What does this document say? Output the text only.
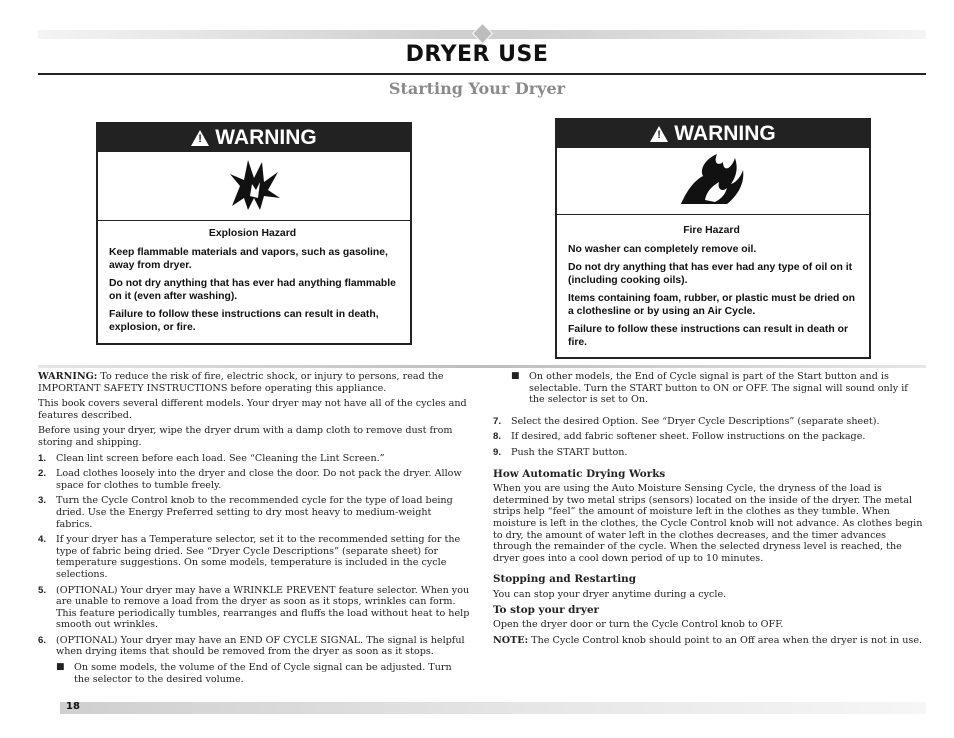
DRYER USE
Starting Your Dryer
! WARNING
Explosion Hazard

Keep flammable materials and vapors, such as gasoline, away from dryer.

Do not dry anything that has ever had anything flammable on it (even after washing).

Failure to follow these instructions can result in death, explosion, or fire.

! WARNING
Fire Hazard

No washer can completely remove oil.

Do not dry anything that has ever had any type of oil on it (including cooking oils).

Items containing foam, rubber, or plastic must be dried on a clothesline or by using an Air Cycle.

Failure to follow these instructions can result in death or fire.

WARNING: To reduce the risk of fire, electric shock, or injury to persons, read the IMPORTANT SAFETY INSTRUCTIONS before operating this appliance.

This book covers several different models. Your dryer may not have all of the cycles and features described.

Before using your dryer, wipe the dryer drum with a damp cloth to remove dust from storing and shipping.

1.	Clean lint screen before each load. See “Cleaning the Lint Screen.”
2.	Load clothes loosely into the dryer and close the door. Do not pack the dryer. Allow space for clothes to tumble freely.
3.	Turn the Cycle Control knob to the recommended cycle for the type of load being dried. Use the Energy Preferred setting to dry most heavy to medium-weight fabrics.
4.	If your dryer has a Temperature selector, set it to the recommended setting for the type of fabric being dried. See “Dryer Cycle Descriptions” (separate sheet) for temperature suggestions. On some models, temperature is included in the cycle selections.
5.	(OPTIONAL) Your dryer may have a WRINKLE PREVENT feature selector. When you are unable to remove a load from the dryer as soon as it stops, wrinkles can form. This feature periodically tumbles, rearranges and fluffs the load without heat to help smooth out wrinkles.
6.	(OPTIONAL) Your dryer may have an END OF CYCLE SIGNAL. The signal is helpful when drying items that should be removed from the dryer as soon as it stops.
■ On some models, the volume of the End of Cycle signal can be adjusted. Turn the selector to the desired volume.
■ On other models, the End of Cycle signal is part of the Start button and is selectable. Turn the START button to ON or OFF. The signal will sound only if the selector is set to On.
7.	Select the desired Option. See “Dryer Cycle Descriptions” (separate sheet).
8.	If desired, add fabric softener sheet. Follow instructions on the package.
9.	Push the START button.
How Automatic Drying Works

When you are using the Auto Moisture Sensing Cycle, the dryness of the load is determined by two metal strips (sensors) located on the inside of the dryer. The metal strips help “feel” the amount of moisture left in the clothes as they tumble. When moisture is left in the clothes, the Cycle Control knob will not advance. As clothes begin to dry, the amount of water left in the clothes decreases, and the timer advances through the remainder of the cycle. When the selected dryness level is reached, the dryer goes into a cool down period of up to 10 minutes.

Stopping and Restarting

You can stop your dryer anytime during a cycle.

To stop your dryer

Open the dryer door or turn the Cycle Control knob to OFF.

NOTE: The Cycle Control knob should point to an Off area when the dryer is not in use.

18
